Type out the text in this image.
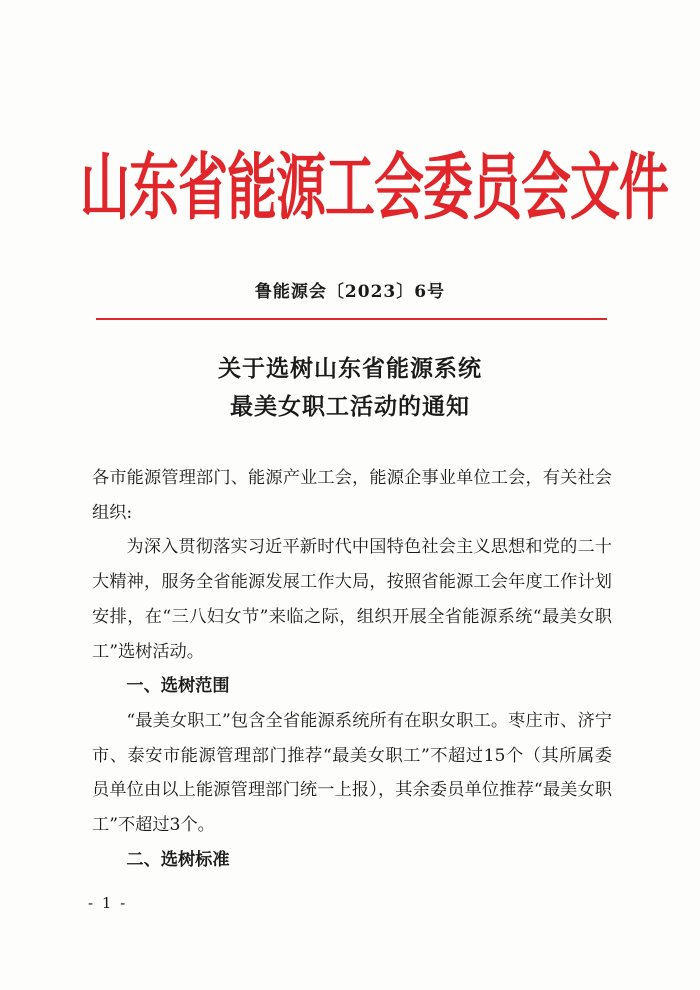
山东省能源工会委员会文件
鲁能源会〔2023〕6号
关于选树山东省能源系统
最美女职工活动的通知

各市能源管理部门、能源产业工会，能源企事业单位工会，有关社会组织:

为深入贯彻落实习近平新时代中国特色社会主义思想和党的二十大精神，服务全省能源发展工作大局，按照省能源工会年度工作计划安排，在“三八妇女节”来临之际，组织开展全省能源系统“最美女职工”选树活动。

一、选树范围

“最美女职工”包含全省能源系统所有在职女职工。枣庄市、济宁市、泰安市能源管理部门推荐“最美女职工”不超过15个（其所属委员单位由以上能源管理部门统一上报），其余委员单位推荐“最美女职工”不超过3个。

二、选树标准

- 1 -
